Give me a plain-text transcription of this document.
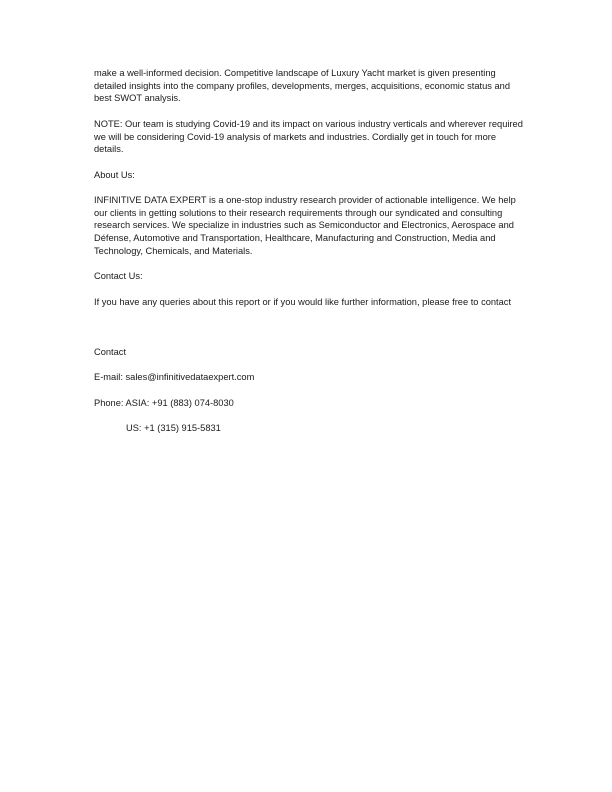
make a well-informed decision. Competitive landscape of Luxury Yacht market is given presenting detailed insights into the company profiles, developments, merges, acquisitions, economic status and best SWOT analysis.

NOTE: Our team is studying Covid-19 and its impact on various industry verticals and wherever required we will be considering Covid-19 analysis of markets and industries. Cordially get in touch for more details.

About Us:

INFINITIVE DATA EXPERT is a one-stop industry research provider of actionable intelligence. We help our clients in getting solutions to their research requirements through our syndicated and consulting research services. We specialize in industries such as Semiconductor and Electronics, Aerospace and Défense, Automotive and Transportation, Healthcare, Manufacturing and Construction, Media and Technology, Chemicals, and Materials.

Contact Us:

If you have any queries about this report or if you would like further information, please free to contact

Contact

E-mail: sales@infinitivedataexpert.com

Phone: ASIA: +91 (883) 074-8030

US: +1 (315) 915-5831
